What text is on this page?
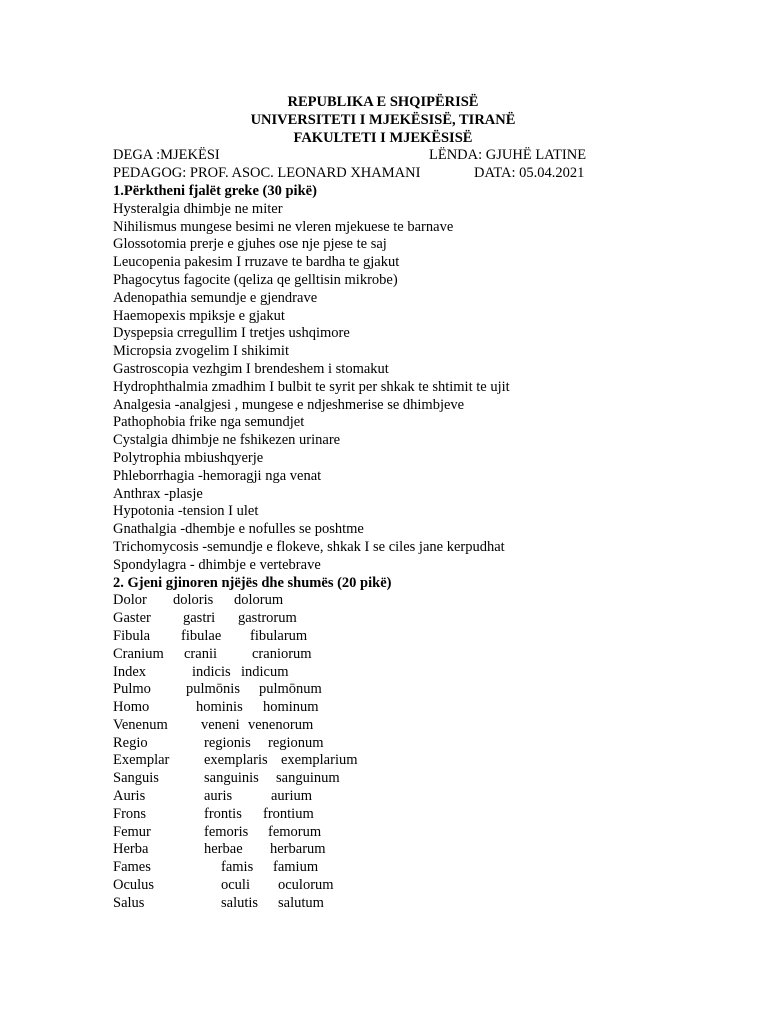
REPUBLIKA E SHQIPËRISË
UNIVERSITETI I MJEKËSISË, TIRANË
FAKULTETI I MJEKËSISË
DEGA :MJEKËSI	LËNDA: GJUHË LATINE
PEDAGOG: PROF. ASOC. LEONARD XHAMANI	DATA: 05.04.2021
1.Përktheni fjalët greke (30 pikë)
Hysteralgia dhimbje ne miter
Nihilismus mungese besimi ne vleren mjekuese te barnave
Glossotomia prerje e gjuhes ose nje pjese te saj
Leucopenia pakesim I rruzave te bardha te gjakut
Phagocytus fagocite (qeliza qe gelltisin mikrobe)
Adenopathia semundje e gjendrave
Haemopexis mpiksje e gjakut
Dyspepsia crregullim I tretjes ushqimore
Micropsia zvogelim I shikimit
Gastroscopia vezhgim I brendeshem i stomakut
Hydrophthalmia zmadhim I bulbit te syrit per shkak te shtimit te ujit
Analgesia -analgjesi , mungese e ndjeshmerise se dhimbjeve
Pathophobia frike nga semundjet
Cystalgia dhimbje ne fshikezen urinare
Polytrophia mbiushqyerje
Phleborrhagia -hemoragji nga venat
Anthrax -plasje
Hypotonia -tension I ulet
Gnathalgia -dhembje e nofulles se poshtme
Trichomycosis -semundje e flokeve, shkak I se ciles jane kerpudhat
Spondylagra - dhimbje e vertebrave
2. Gjeni gjinoren njëjës dhe shumës (20 pikë)
Dolor doloris dolorum
Gaster gastri gastrorum
Fibula fibulae fibularum
Cranium cranii craniorum
Index	indicis indicum
Pulmo pulmōnis pulmōnum
Homo	hominis hominum
Venenum veneni venenorum
Regio	regionis regionum
Exemplar exemplaris exemplarium
Sanguis	sanguinis sanguinum
Auris	auris	aurium
Frons	frontis frontium
Femur	femoris femorum
Herba	herbae herbarum
Fames	famis famium
Oculus	oculi oculorum
Salus	salutis salutum
